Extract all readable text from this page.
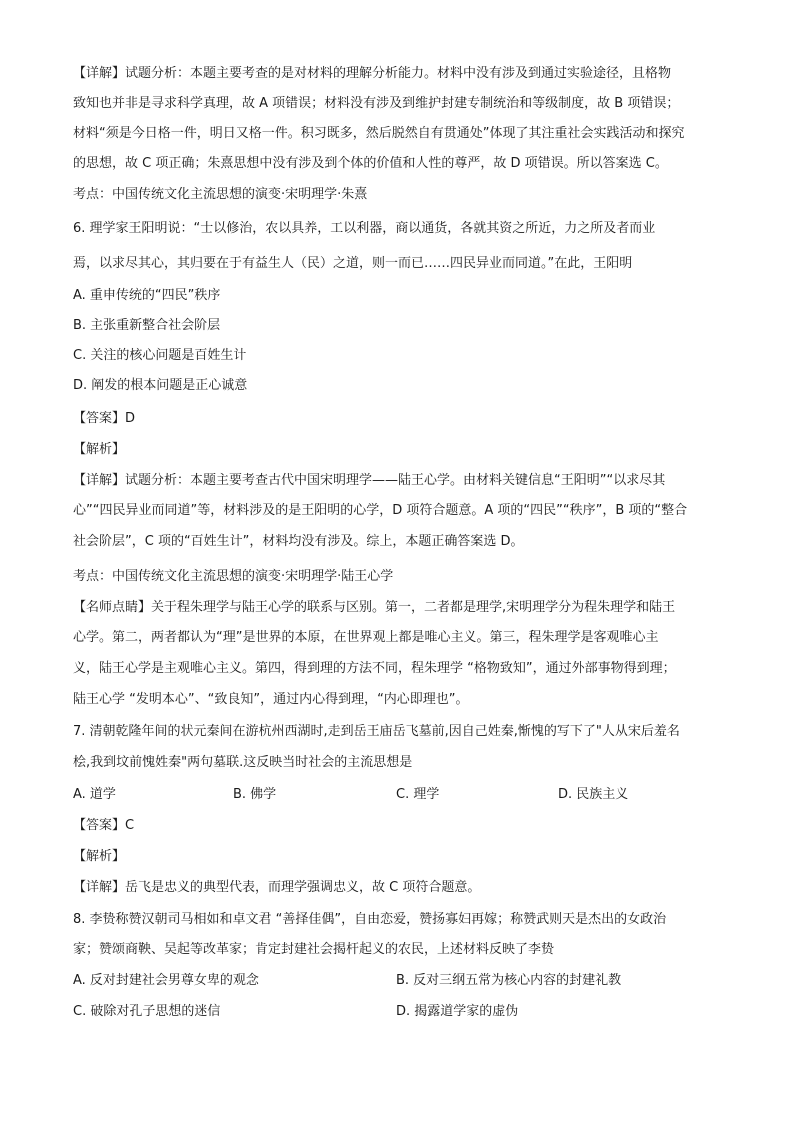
【详解】试题分析：本题主要考查的是对材料的理解分析能力。材料中没有涉及到通过实验途径，且格物
致知也并非是寻求科学真理，故 A 项错误；材料没有涉及到维护封建专制统治和等级制度，故 B 项错误；
材料“须是今日格一件，明日又格一件。积习既多，然后脱然自有贯通处”体现了其注重社会实践活动和探究
的思想，故 C 项正确；朱熹思想中没有涉及到个体的价值和人性的尊严，故 D 项错误。所以答案选 C。
考点：中国传统文化主流思想的演变·宋明理学·朱熹
6. 理学家王阳明说：“士以修治，农以具养，工以利器，商以通货，各就其资之所近，力之所及者而业
焉，以求尽其心，其归要在于有益生人（民）之道，则一而已……四民异业而同道。”在此，王阳明
A. 重申传统的“四民”秩序
B. 主张重新整合社会阶层
C. 关注的核心问题是百姓生计
D. 阐发的根本问题是正心诚意
【答案】D
【解析】
【详解】试题分析：本题主要考查古代中国宋明理学——陆王心学。由材料关键信息“王阳明”“以求尽其
心”“四民异业而同道”等，材料涉及的是王阳明的心学，D 项符合题意。A 项的“四民”“秩序”，B 项的“整合
社会阶层”，C 项的“百姓生计”，材料均没有涉及。综上，本题正确答案选 D。
考点：中国传统文化主流思想的演变·宋明理学·陆王心学
【名师点睛】关于程朱理学与陆王心学的联系与区别。第一，二者都是理学,宋明理学分为程朱理学和陆王
心学。第二，两者都认为“理”是世界的本原，在世界观上都是唯心主义。第三，程朱理学是客观唯心主
义，陆王心学是主观唯心主义。第四，得到理的方法不同，程朱理学 “格物致知”，通过外部事物得到理；
陆王心学 “发明本心”、“致良知”，通过内心得到理，“内心即理也”。
7. 清朝乾隆年间的状元秦间在游杭州西湖时,走到岳王庙岳飞墓前,因自己姓秦,惭愧的写下了"人从宋后羞名
桧,我到坟前愧姓秦"两句墓联.这反映当时社会的主流思想是
A. 道学	B. 佛学	C. 理学	D. 民族主义
【答案】C
【解析】
【详解】岳飞是忠义的典型代表，而理学强调忠义，故 C 项符合题意。
8. 李贽称赞汉朝司马相如和卓文君 “善择佳偶”，自由恋爱，赞扬寡妇再嫁；称赞武则天是杰出的女政治
家；赞颂商鞅、吴起等改革家；肯定封建社会揭杆起义的农民，上述材料反映了李贽
A. 反对封建社会男尊女卑的观念	B. 反对三纲五常为核心内容的封建礼教
C. 破除对孔子思想的迷信	D. 揭露道学家的虚伪
